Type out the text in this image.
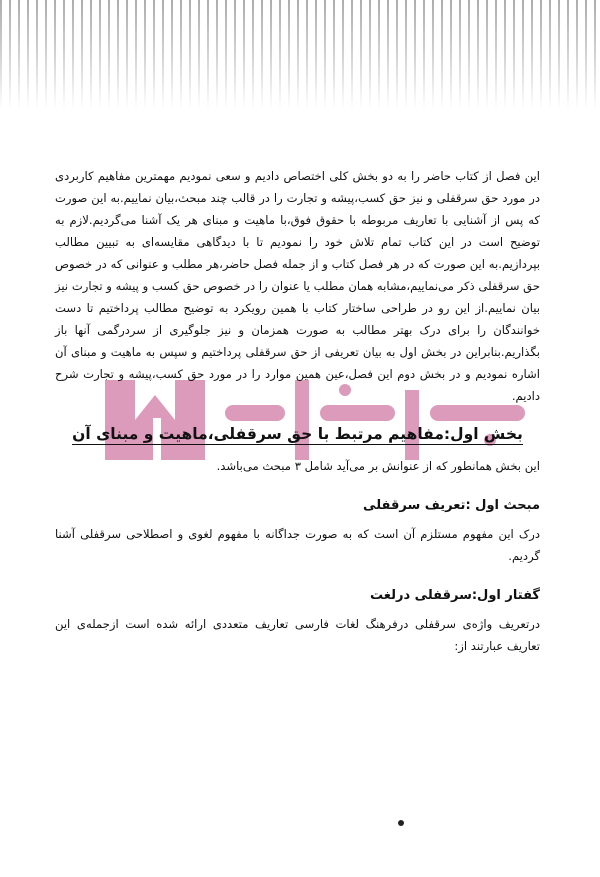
این فصل از کتاب حاضر را به دو بخش کلی اختصاص دادیم و سعی نمودیم مهمترین مفاهیم کاربردی در مورد حق سرقفلی و نیز حق کسب،پیشه و تجارت را در قالب چند مبحث،بیان نماییم.به این صورت که پس از آشنایی با تعاریف مربوطه با حقوق فوق،با ماهیت و مبنای هر یک آشنا می‌گردیم.لازم به توضیح است در این کتاب تمام تلاش خود را نمودیم تا با دیدگاهی مقایسه‌ای به تبیین مطالب بپردازیم.به این صورت که در هر فصل کتاب و از جمله فصل حاضر،هر مطلب و عنوانی که در خصوص حق سرقفلی ذکر می‌نماییم،مشابه همان مطلب یا عنوان را در خصوص حق کسب و پیشه و تجارت نیز بیان نماییم.از این رو در طراحی ساختار کتاب با همین رویکرد به توضیح مطالب پرداختیم تا دست خوانندگان را برای درک بهتر مطالب به صورت همزمان و نیز جلوگیری از سردرگمی آنها باز بگذاریم.بنابراین در بخش اول به بیان تعریفی از حق سرقفلی پرداختیم و سپس به ماهیت و مبنای آن اشاره نمودیم و در بخش دوم این فصل،عین همین موارد را در مورد حق کسب،پیشه و تجارت شرح دادیم.

بخش اول:مفاهیم مرتبط با حق سرقفلی،ماهیت و مبنای آن

این بخش همانطور که از عنوانش بر می‌آید شامل ۳ مبحث می‌باشد.

مبحث اول :تعریف سرقفلی

درک این مفهوم مستلزم آن است که به صورت جداگانه با مفهوم لغوی و اصطلاحی سرقفلی آشنا گردیم.

گفتار اول:سرقفلی درلغت

درتعریف واژه‌ی سرقفلی درفرهنگ لغات فارسی تعاریف متعددی ارائه شده است ازجمله‌ی این تعاریف عبارتند از:
